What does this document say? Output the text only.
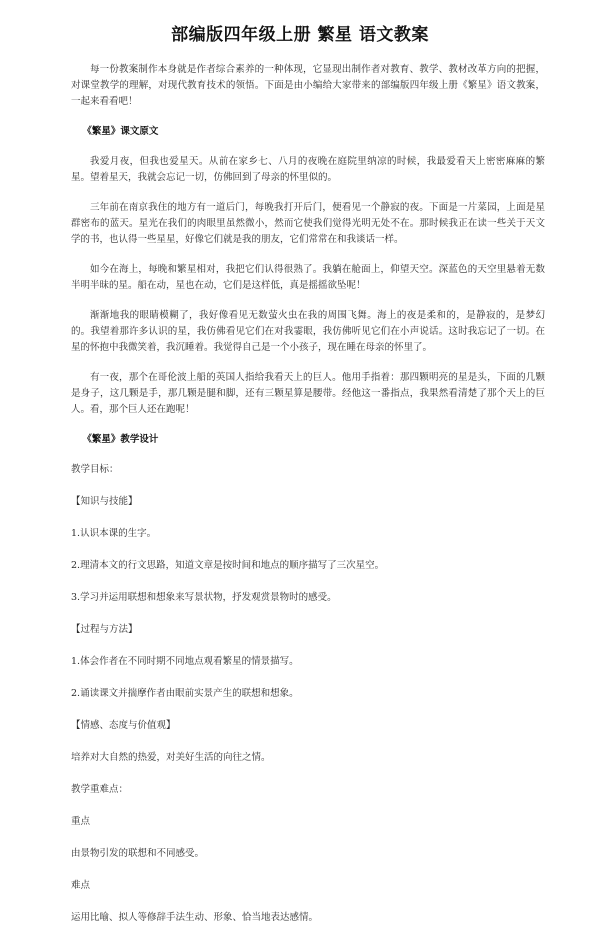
部编版四年级上册 繁星 语文教案

每一份教案制作本身就是作者综合素养的一种体现，它显现出制作者对教育、教学、教材改革方向的把握，对课堂教学的理解，对现代教育技术的领悟。下面是由小编给大家带来的部编版四年级上册《繁星》语文教案，一起来看看吧！

《繁星》课文原文

我爱月夜，但我也爱星天。从前在家乡七、八月的夜晚在庭院里纳凉的时候，我最爱看天上密密麻麻的繁星。望着星天，我就会忘记一切，仿佛回到了母亲的怀里似的。

三年前在南京我住的地方有一道后门，每晚我打开后门，便看见一个静寂的夜。下面是一片菜园，上面是星群密布的蓝天。星光在我们的肉眼里虽然微小，然而它使我们觉得光明无处不在。那时候我正在读一些关于天文学的书，也认得一些星星，好像它们就是我的朋友，它们常常在和我谈话一样。

如今在海上，每晚和繁星相对，我把它们认得很熟了。我躺在舱面上，仰望天空。深蓝色的天空里悬着无数半明半昧的星。船在动，星也在动，它们是这样低，真是摇摇欲坠呢！

渐渐地我的眼睛模糊了，我好像看见无数萤火虫在我的周围飞舞。海上的夜是柔和的，是静寂的，是梦幻的。我望着那许多认识的星，我仿佛看见它们在对我霎眼，我仿佛听见它们在小声说话。这时我忘记了一切。在星的怀抱中我微笑着，我沉睡着。我觉得自己是一个小孩子，现在睡在母亲的怀里了。

有一夜，那个在哥伦波上船的英国人指给我看天上的巨人。他用手指着：那四颗明亮的星是头，下面的几颗是身子，这几颗是手，那几颗是腿和脚，还有三颗星算是腰带。经他这一番指点，我果然看清楚了那个天上的巨人。看，那个巨人还在跑呢！

《繁星》教学设计

教学目标：

【知识与技能】

1.认识本课的生字。

2.理清本文的行文思路，知道文章是按时间和地点的顺序描写了三次星空。

3.学习并运用联想和想象来写景状物，抒发观赏景物时的感受。

【过程与方法】

1.体会作者在不同时期不同地点观看繁星的情景描写。

2.诵读课文并揣摩作者由眼前实景产生的联想和想象。

【情感、态度与价值观】

培养对大自然的热爱，对美好生活的向往之情。

教学重难点：

重点

由景物引发的联想和不同感受。

难点

运用比喻、拟人等修辞手法生动、形象、恰当地表达感情。
